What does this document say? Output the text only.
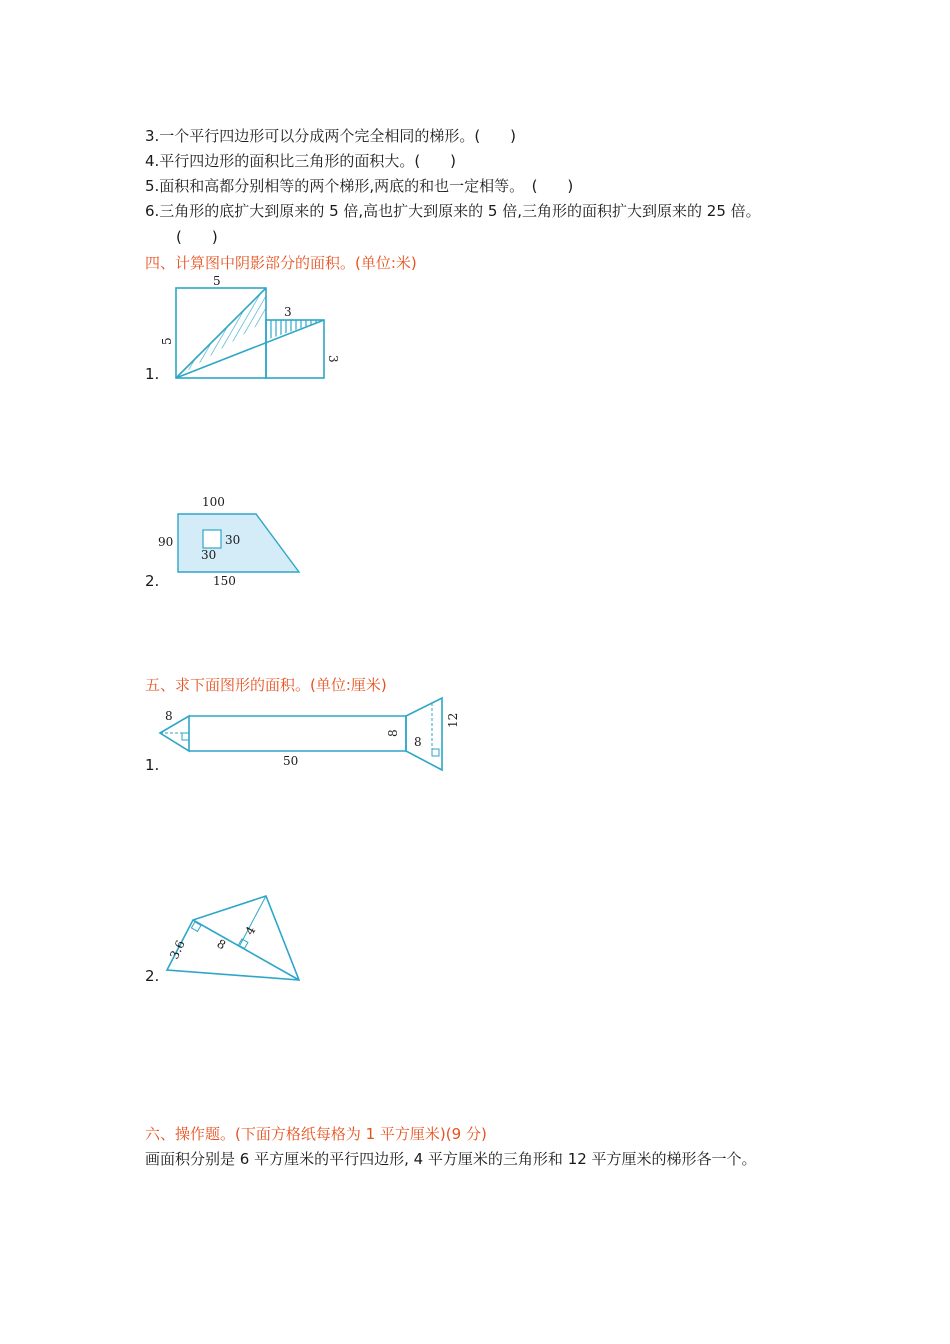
3.一个平行四边形可以分成两个完全相同的梯形。(　　)
4.平行四边形的面积比三角形的面积大。(　　)
5.面积和高都分别相等的两个梯形,两底的和也一定相等。　(　　)
6.三角形的底扩大到原来的 5 倍,高也扩大到原来的 5 倍,三角形的面积扩大到原来的 25 倍。
(　　)
四、计算图中阴影部分的面积。(单位:米)
1.
5
3
5
3
100
90	30
30
150
8
8
8
12
50
3.6 8
4
2.
五、求下面图形的面积。(单位:厘米)
1.
2.
六、操作题。(下面方格纸每格为 1 平方厘米)(9 分)
画面积分别是 6 平方厘米的平行四边形, 4 平方厘米的三角形和 12 平方厘米的梯形各一个。
